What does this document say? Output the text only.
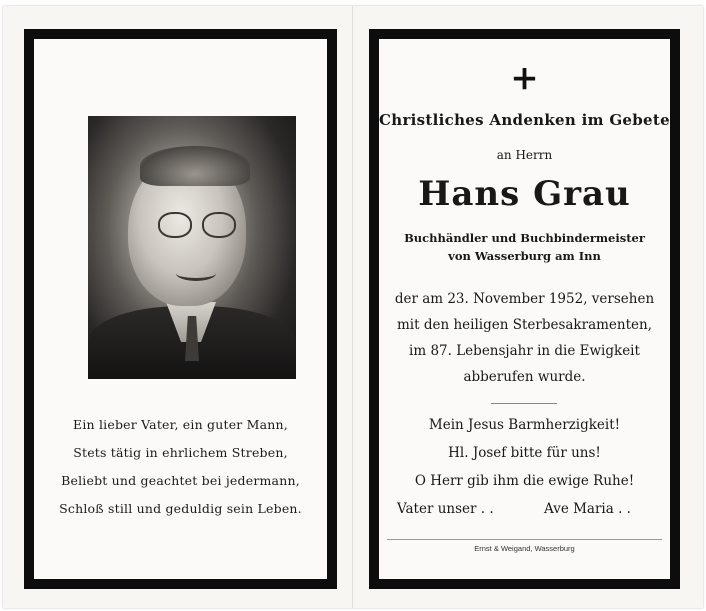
Ein lieber Vater, ein guter Mann,
Stets tätig in ehrlichem Streben,
Beliebt und geachtet bei jedermann,
Schloß still und geduldig sein Leben.
+
Christliches Andenken im Gebete
an Herrn
Hans Grau
Buchhändler und Buchbindermeister
von Wasserburg am Inn
der am 23. November 1952, versehen
mit den heiligen Sterbesakramenten,
im 87. Lebensjahr in die Ewigkeit
abberufen wurde.
Mein Jesus Barmherzigkeit!
Hl. Josef bitte für uns!
O Herr gib ihm die ewige Ruhe!
Vater unser . .	Ave Maria . .
Ernst & Weigand, Wasserburg
